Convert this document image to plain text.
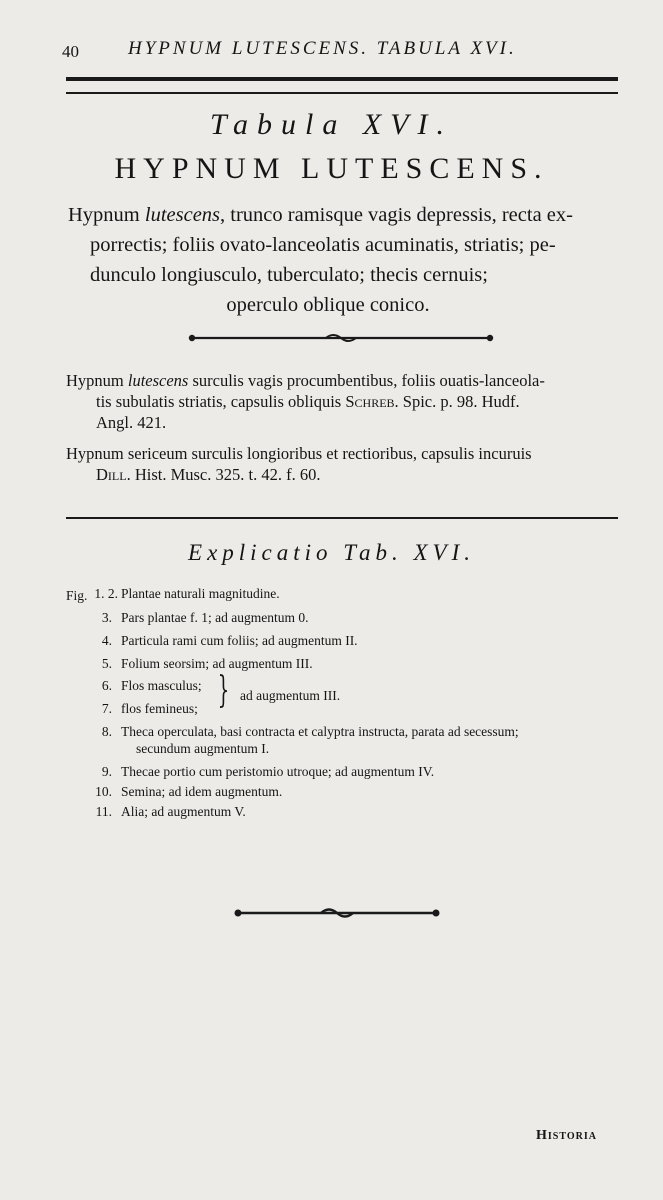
40	HYPNUM LUTESCENS. TABULA XVI.
Tabula XVI.
HYPNUM LUTESCENS.
Hypnum lutescens, trunco ramisque vagis depressis, recta ex-
porrectis; foliis ovato-lanceolatis acuminatis, striatis; pe-
dunculo longiusculo, tuberculato; thecis cernuis;
operculo oblique conico.
Hypnum lutescens surculis vagis procumbentibus, foliis ouatis-lanceola-
tis subulatis striatis, capsulis obliquis Schreb. Spic. p. 98. Hudf.
Angl. 421.
Hypnum sericeum surculis longioribus et rectioribus, capsulis incuruis
Dill. Hist. Musc. 325. t. 42. f. 60.
Explicatio Tab. XVI.
Fig. 1. 2. Plantae naturali magnitudine.
3. Pars plantae f. 1; ad augmentum 0.
4. Particula rami cum foliis; ad augmentum II.
5. Folium seorsim; ad augmentum III.
6. Flos masculus;
7. flos femineus; } ad augmentum III.
8. Theca operculata, basi contracta et calyptra instructa, parata ad secessum;
secundum augmentum I.
9. Thecae portio cum peristomio utroque; ad augmentum IV.
10. Semina; ad idem augmentum.
11. Alia; ad augmentum V.
Historia
